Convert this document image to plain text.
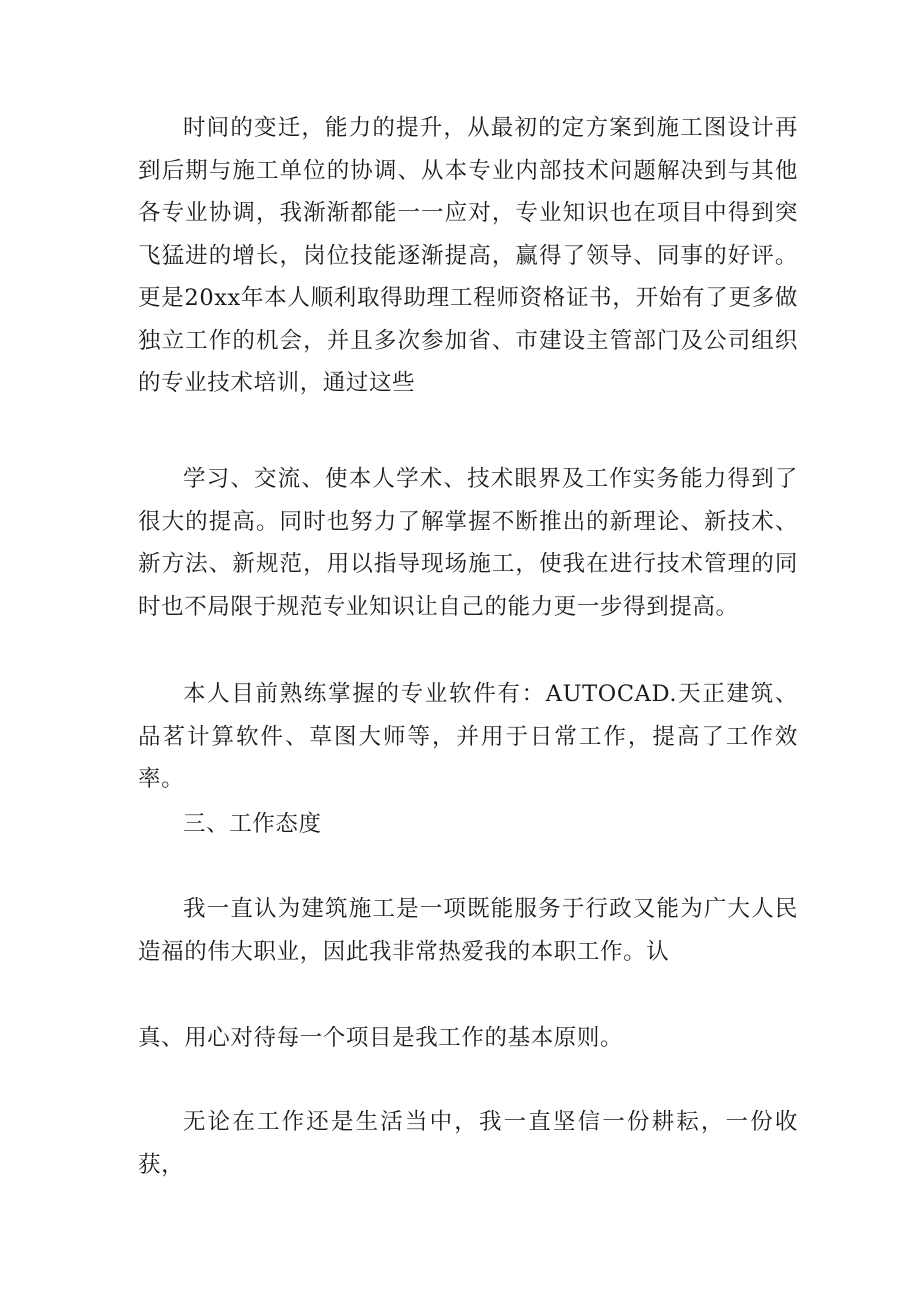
时间的变迁，能力的提升，从最初的定方案到施工图设计再到后期与施工单位的协调、从本专业内部技术问题解决到与其他各专业协调，我渐渐都能一一应对，专业知识也在项目中得到突飞猛进的增长，岗位技能逐渐提高，赢得了领导、同事的好评。更是20xx年本人顺利取得助理工程师资格证书，开始有了更多做独立工作的机会，并且多次参加省、市建设主管部门及公司组织的专业技术培训，通过这些

学习、交流、使本人学术、技术眼界及工作实务能力得到了很大的提高。同时也努力了解掌握不断推出的新理论、新技术、新方法、新规范，用以指导现场施工，使我在进行技术管理的同时也不局限于规范专业知识让自己的能力更一步得到提高。

本人目前熟练掌握的专业软件有：AUTOCAD.天正建筑、品茗计算软件、草图大师等，并用于日常工作，提高了工作效率。

三、工作态度

我一直认为建筑施工是一项既能服务于行政又能为广大人民造福的伟大职业，因此我非常热爱我的本职工作。认

真、用心对待每一个项目是我工作的基本原则。

无论在工作还是生活当中，我一直坚信一份耕耘，一份收获，
